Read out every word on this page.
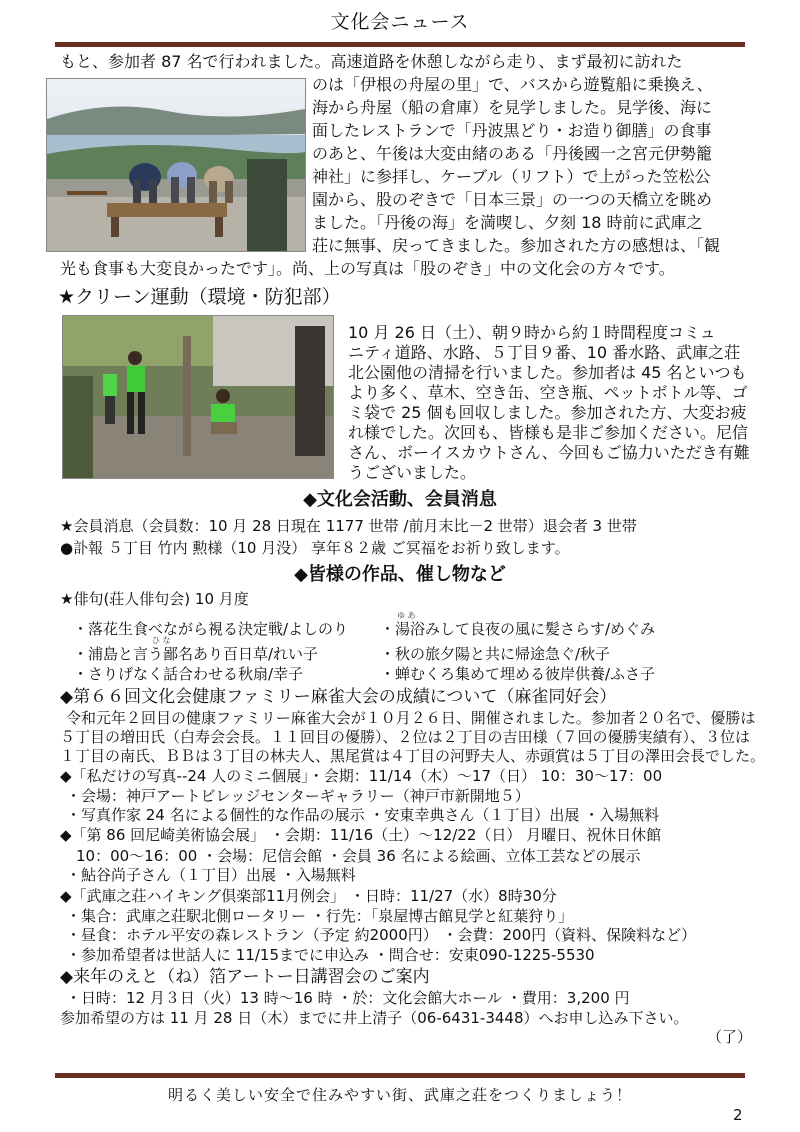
文化会ニュース
もと、参加者 87 名で行われました。高速道路を休憩しながら走り、まず最初に訪れた
のは「伊根の舟屋の里」で、バスから遊覧船に乗換え、
海から舟屋（船の倉庫）を見学しました。見学後、海に
面したレストランで「丹波黒どり・お造り御膳」の食事
のあと、午後は大変由緒のある「丹後國一之宮元伊勢籠
神社」に参拝し、ケーブル（リフト）で上がった笠松公
園から、股のぞきで「日本三景」の一つの天橋立を眺め
ました。「丹後の海」を満喫し、夕刻 18 時前に武庫之
荘に無事、戻ってきました。参加された方の感想は、「観
光も食事も大変良かったです」。尚、上の写真は「股のぞき」中の文化会の方々です。
★クリーン運動（環境・防犯部）
10 月 26 日（土）、朝９時から約１時間程度コミュ
ニティ道路、水路、５丁目９番、10 番水路、武庫之荘
北公園他の清掃を行いました。参加者は 45 名といつも
より多く、草木、空き缶、空き瓶、ペットボトル等、ゴ
ミ袋で 25 個も回収しました。参加された方、大変お疲
れ様でした。次回も、皆様も是非ご参加ください。尼信
さん、ボーイスカウトさん、今回もご協力いただき有難
うございました。
◆文化会活動、会員消息
★会員消息（会員数：10 月 28 日現在 1177 世帯 /前月末比－2 世帯）退会者 3 世帯
●訃報 ５丁目 竹内 勲様（10 月没） 享年８２歳 ご冥福をお祈り致します。
◆皆様の作品、催し物など
★俳句(荘人俳句会) 10 月度
ゆ あ
ひ な
・落花生食べながら視る決定戦/よしのり ・湯浴みして良夜の風に髪さらす/めぐみ
・浦島と言う鄙名あり百日草/れい子	・秋の旅夕陽と共に帰途急ぐ/秋子
・さりげなく話合わせる秋扇/幸子	・蝉むくろ集めて埋める彼岸供養/ふさ子
◆第６６回文化会健康ファミリー麻雀大会の成績について（麻雀同好会）
令和元年２回目の健康ファミリー麻雀大会が１０月２６日、開催されました。参加者２０名で、優勝は
５丁目の増田氏（白寿会会長。１１回目の優勝）、２位は２丁目の吉田様（７回の優勝実績有）、３位は
１丁目の南氏、ＢＢは３丁目の林夫人、黒尾賞は４丁目の河野夫人、赤頭賞は５丁目の澤田会長でした。
◆「私だけの写真--24 人のミニ個展」・会期：11/14（木）～17（日） 10：30～17：00
・会場：神戸アートビレッジセンターギャラリー（神戸市新開地５）
・写真作家 24 名による個性的な作品の展示 ・安東幸典さん（１丁目）出展 ・入場無料
◆「第 86 回尼崎美術協会展」 ・会期：11/16（土）～12/22（日） 月曜日、祝休日休館
10：00～16：00 ・会場：尼信会館 ・会員 36 名による絵画、立体工芸などの展示
・鮎谷尚子さん（１丁目）出展 ・入場無料
◆「武庫之荘ハイキング倶楽部11月例会」 ・日時：11/27（水）8時30分
・集合：武庫之荘駅北側ロータリー ・行先：「泉屋博古館見学と紅葉狩り」
・昼食：ホテル平安の森レストラン（予定 約2000円） ・会費：200円（資料、保険料など）
・参加希望者は世話人に 11/15までに申込み ・問合せ：安東090-1225-5530
◆来年のえと（ね）箔アートー日講習会のご案内
・日時：12 月３日（火）13 時～16 時 ・於：文化会館大ホール ・費用：3,200 円
参加希望の方は 11 月 28 日（木）までに井上清子（06-6431-3448）へお申し込み下さい。
（了）
明るく美しい安全で住みやすい街、武庫之荘をつくりましょう！
2
